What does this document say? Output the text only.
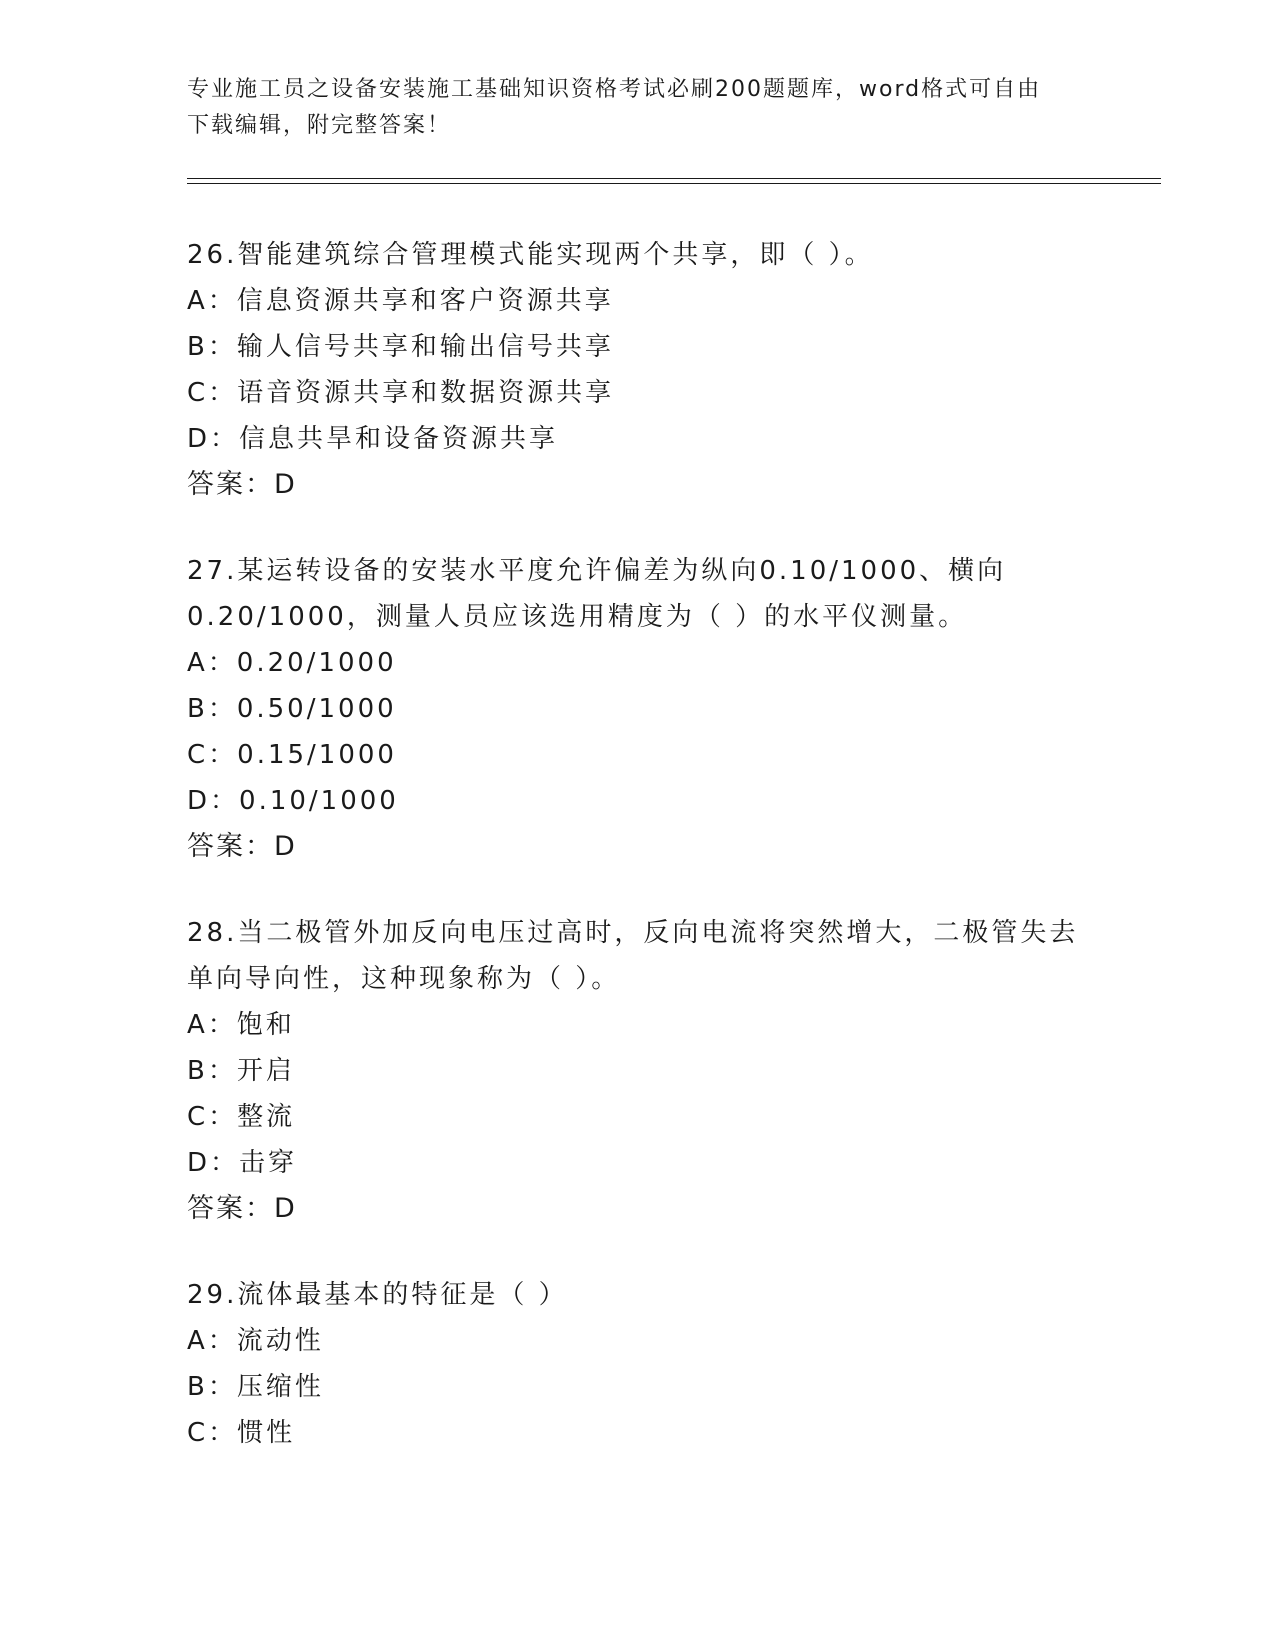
专业施工员之设备安装施工基础知识资格考试必刷200题题库，word格式可自由
下载编辑，附完整答案！
26.智能建筑综合管理模式能实现两个共享，即（ ）。
A：信息资源共享和客户资源共享
B：输人信号共享和输出信号共享
C：语音资源共享和数据资源共享
D：信息共旱和设备资源共享
答案：D
27.某运转设备的安装水平度允许偏差为纵向0.10/1000、横向
0.20/1000，测量人员应该选用精度为（ ）的水平仪测量。
A：0.20/1000
B：0.50/1000
C：0.15/1000
D：0.10/1000
答案：D
28.当二极管外加反向电压过高时，反向电流将突然增大，二极管失去
单向导向性，这种现象称为（ ）。
A：饱和
B：开启
C：整流
D：击穿
答案：D
29.流体最基本的特征是（ ）
A：流动性
B：压缩性
C：惯性
